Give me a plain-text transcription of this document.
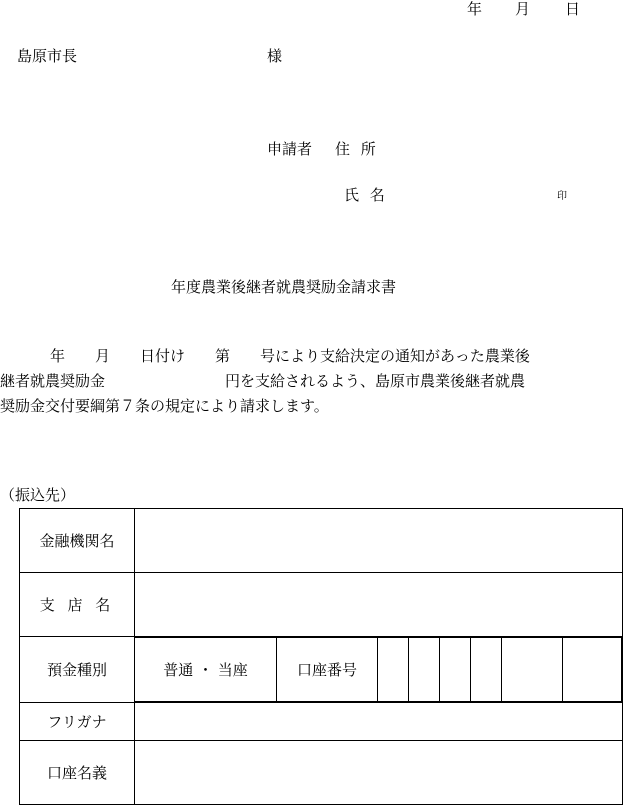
年 月 日
島原市長	様
申請者 住 所
氏 名	印
年度農業後継者就農奨励金請求書
年　　月　　日付け　　第　　号により支給決定の通知があった農業後
継者就農奨励金　　　　　　　　円を支給されるよう、島原市農業後継者就農
奨励金交付要綱第７条の規定により請求します。
（振込先）
金融機関名	
支 店 名	
預金種別		普通 ・ 当座	口座番号						

フリガナ	
口座名義	
